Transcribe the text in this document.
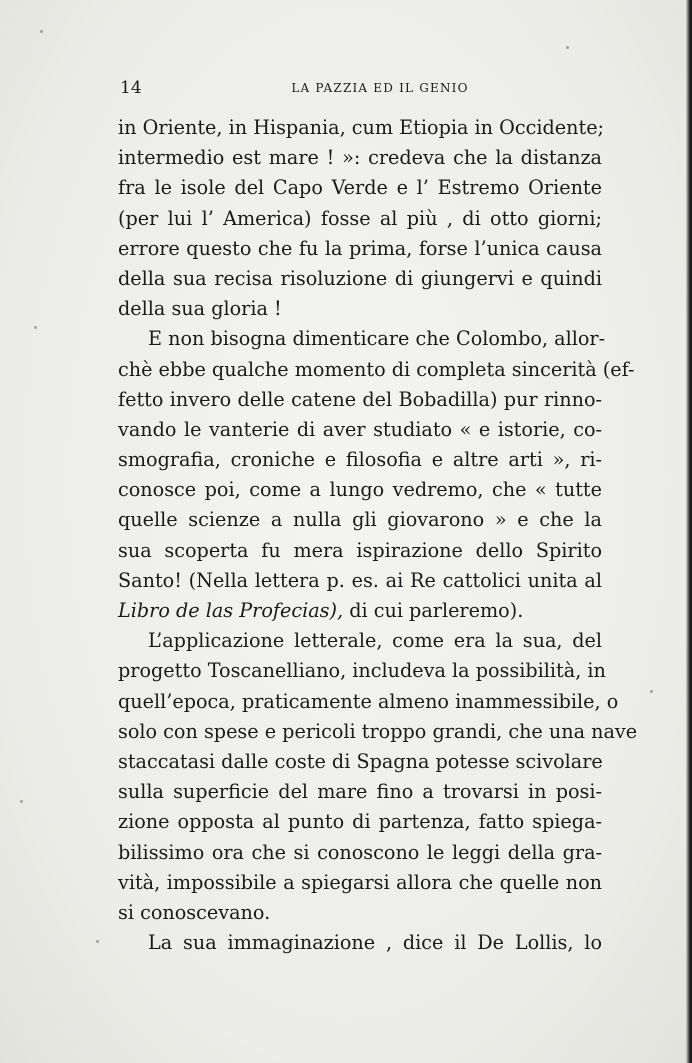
14	LA PAZZIA ED IL GENIO
in Oriente, in Hispania, cum Etiopia in Occidente;
intermedio est mare ! »: credeva che la distanza
fra le isole del Capo Verde e l’ Estremo Oriente
(per lui l’ America) fosse al più , di otto giorni;
errore questo che fu la prima, forse l’unica causa
della sua recisa risoluzione di giungervi e quindi
della sua gloria !
E non bisogna dimenticare che Colombo, allor-
chè ebbe qualche momento di completa sincerità (ef-
fetto invero delle catene del Bobadilla) pur rinno-
vando le vanterie di aver studiato « e istorie, co-
smografia, croniche e filosofia e altre arti », ri-
conosce poi, come a lungo vedremo, che « tutte
quelle scienze a nulla gli giovarono » e che la
sua scoperta fu mera ispirazione dello Spirito
Santo! (Nella lettera p. es. ai Re cattolici unita al
Libro de las Profecias), di cui parleremo).
L’applicazione letterale, come era la sua, del
progetto Toscanelliano, includeva la possibilità, in
quell’epoca, praticamente almeno inammessibile, o
solo con spese e pericoli troppo grandi, che una nave
staccatasi dalle coste di Spagna potesse scivolare
sulla superficie del mare fino a trovarsi in posi-
zione opposta al punto di partenza, fatto spiega-
bilissimo ora che si conoscono le leggi della gra-
vità, impossibile a spiegarsi allora che quelle non
si conoscevano.
La sua immaginazione , dice il De Lollis, lo
